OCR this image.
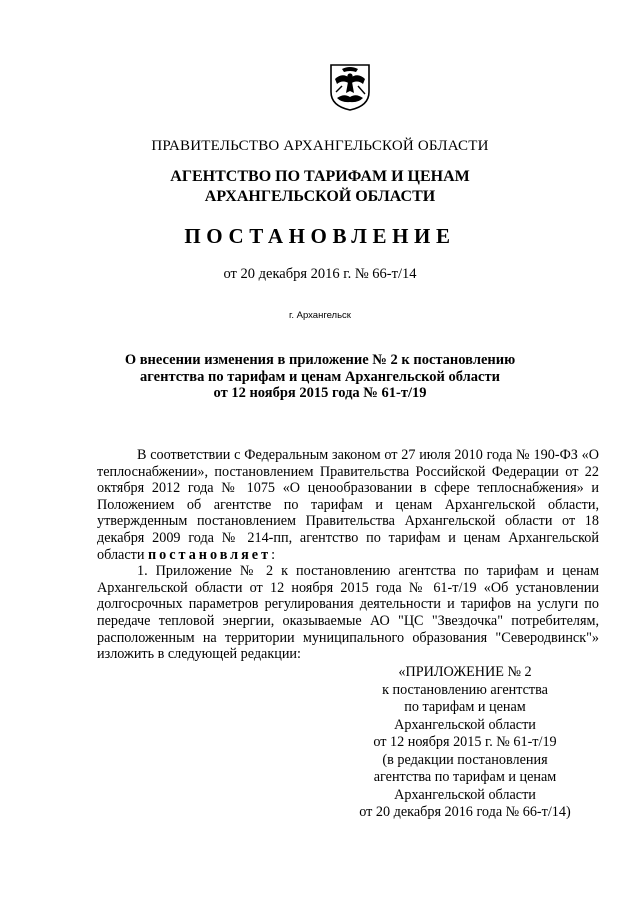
ПРАВИТЕЛЬСТВО АРХАНГЕЛЬСКОЙ ОБЛАСТИ
АГЕНТСТВО ПО ТАРИФАМ И ЦЕНАМ
АРХАНГЕЛЬСКОЙ ОБЛАСТИ
ПОСТАНОВЛЕНИЕ
от 20 декабря 2016 г. № 66-т/14
г. Архангельск
О внесении изменения в приложение № 2 к постановлению
агентства по тарифам и ценам Архангельской области
от 12 ноября 2015 года № 61-т/19

В соответствии с Федеральным законом от 27 июля 2010 года № 190-ФЗ «О теплоснабжении», постановлением Правительства Российской Федерации от 22 октября 2012 года № 1075 «О ценообразовании в сфере теплоснабжения» и Положением об агентстве по тарифам и ценам Архангельской области, утвержденным постановлением Правительства Архангельской области от 18 декабря 2009 года № 214-пп, агентство по тарифам и ценам Архангельской области постановляет:

1. Приложение № 2 к постановлению агентства по тарифам и ценам Архангельской области от 12 ноября 2015 года № 61-т/19 «Об установлении долгосрочных параметров регулирования деятельности и тарифов на услуги по передаче тепловой энергии, оказываемые АО "ЦС "Звездочка" потребителям, расположенным на территории муниципального образования "Северодвинск"» изложить в следующей редакции:

«ПРИЛОЖЕНИЕ № 2
к постановлению агентства
по тарифам и ценам
Архангельской области
от 12 ноября 2015 г. № 61-т/19
(в редакции постановления
агентства по тарифам и ценам
Архангельской области
от 20 декабря 2016 года № 66-т/14)
